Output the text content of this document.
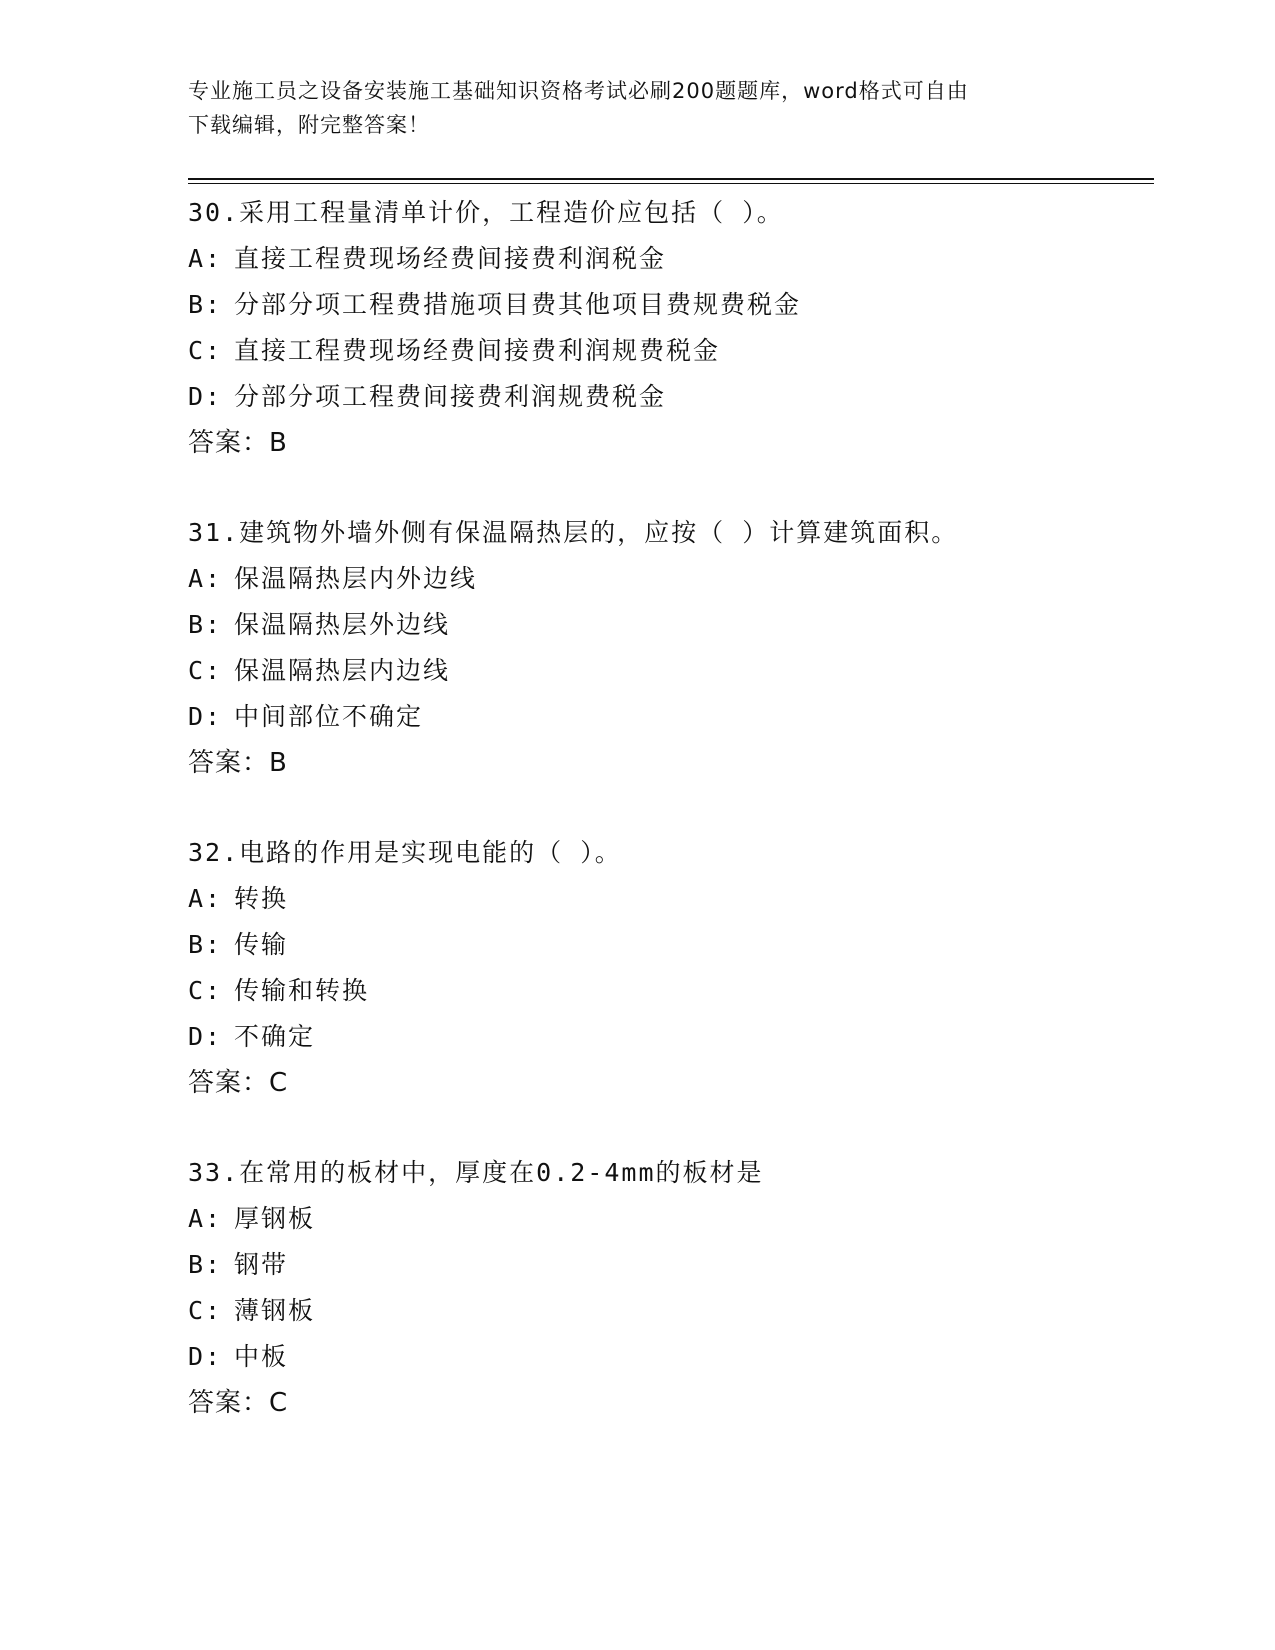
专业施工员之设备安装施工基础知识资格考试必刷200题题库，word格式可自由
下载编辑，附完整答案！
30.采用工程量清单计价，工程造价应包括（ ）。
A: 直接工程费现场经费间接费利润税金
B: 分部分项工程费措施项目费其他项目费规费税金
C: 直接工程费现场经费间接费利润规费税金
D: 分部分项工程费间接费利润规费税金
答案：B
31.建筑物外墙外侧有保温隔热层的，应按（ ）计算建筑面积。
A: 保温隔热层内外边线
B: 保温隔热层外边线
C: 保温隔热层内边线
D: 中间部位不确定
答案：B
32.电路的作用是实现电能的（ ）。
A: 转换
B: 传输
C: 传输和转换
D: 不确定
答案：C
33.在常用的板材中，厚度在0.2-4mm的板材是
A: 厚钢板
B: 钢带
C: 薄钢板
D: 中板
答案：C
